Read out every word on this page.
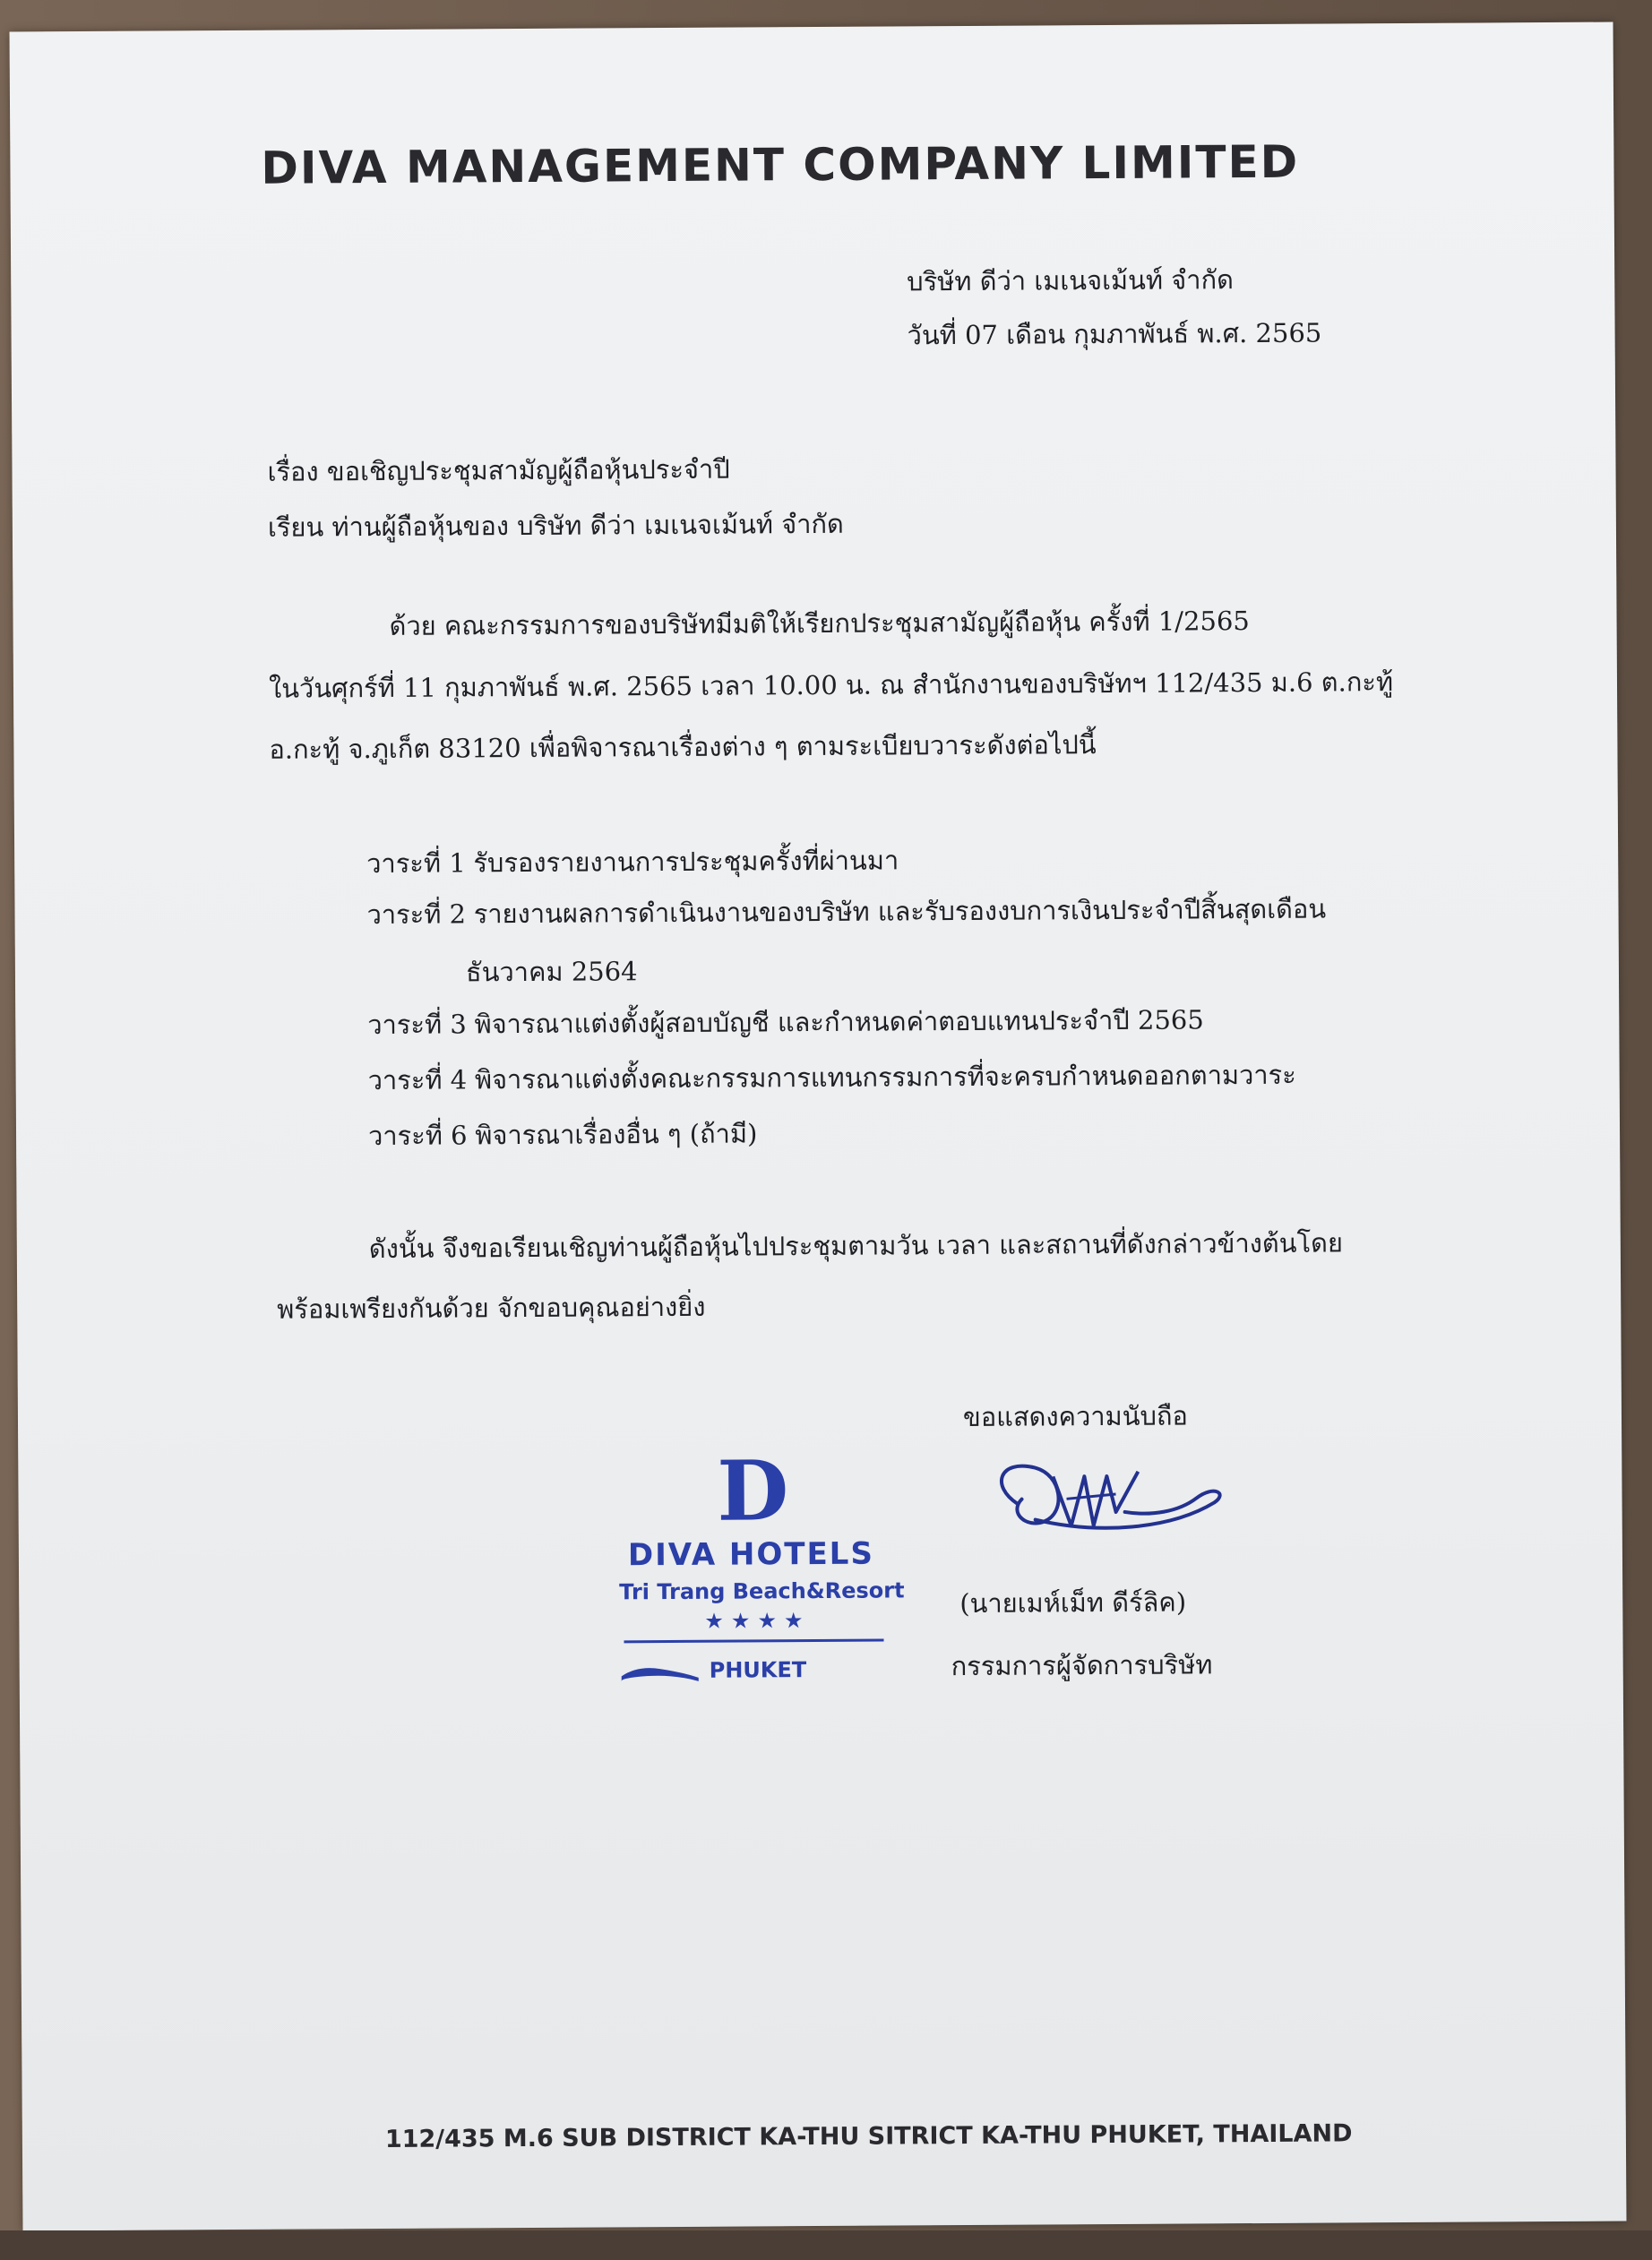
DIVA MANAGEMENT COMPANY LIMITED

บริษัท ดีว่า เมเนจเม้นท์ จำกัด

วันที่ 07 เดือน กุมภาพันธ์ พ.ศ. 2565

เรื่อง ขอเชิญประชุมสามัญผู้ถือหุ้นประจำปี

เรียน ท่านผู้ถือหุ้นของ บริษัท ดีว่า เมเนจเม้นท์ จำกัด

ด้วย คณะกรรมการของบริษัทมีมติให้เรียกประชุมสามัญผู้ถือหุ้น ครั้งที่ 1/2565

ในวันศุกร์ที่ 11 กุมภาพันธ์ พ.ศ. 2565 เวลา 10.00 น. ณ สำนักงานของบริษัทฯ 112/435 ม.6 ต.กะทู้

อ.กะทู้ จ.ภูเก็ต 83120 เพื่อพิจารณาเรื่องต่าง ๆ ตามระเบียบวาระดังต่อไปนี้

วาระที่ 1 รับรองรายงานการประชุมครั้งที่ผ่านมา

วาระที่ 2 รายงานผลการดำเนินงานของบริษัท และรับรองงบการเงินประจำปีสิ้นสุดเดือน

ธันวาคม 2564

วาระที่ 3 พิจารณาแต่งตั้งผู้สอบบัญชี และกำหนดค่าตอบแทนประจำปี 2565

วาระที่ 4 พิจารณาแต่งตั้งคณะกรรมการแทนกรรมการที่จะครบกำหนดออกตามวาระ

วาระที่ 6 พิจารณาเรื่องอื่น ๆ (ถ้ามี)

ดังนั้น จึงขอเรียนเชิญท่านผู้ถือหุ้นไปประชุมตามวัน เวลา และสถานที่ดังกล่าวข้างต้นโดย

พร้อมเพรียงกันด้วย จักขอบคุณอย่างยิ่ง

ขอแสดงความนับถือ

D

DIVA HOTELS

Tri Trang Beach&Resort

★★★★

PHUKET

(นายเมห์เม็ท ดีร์ลิค)

กรรมการผู้จัดการบริษัท

112/435 M.6 SUB DISTRICT KA-THU SITRICT KA-THU PHUKET, THAILAND
